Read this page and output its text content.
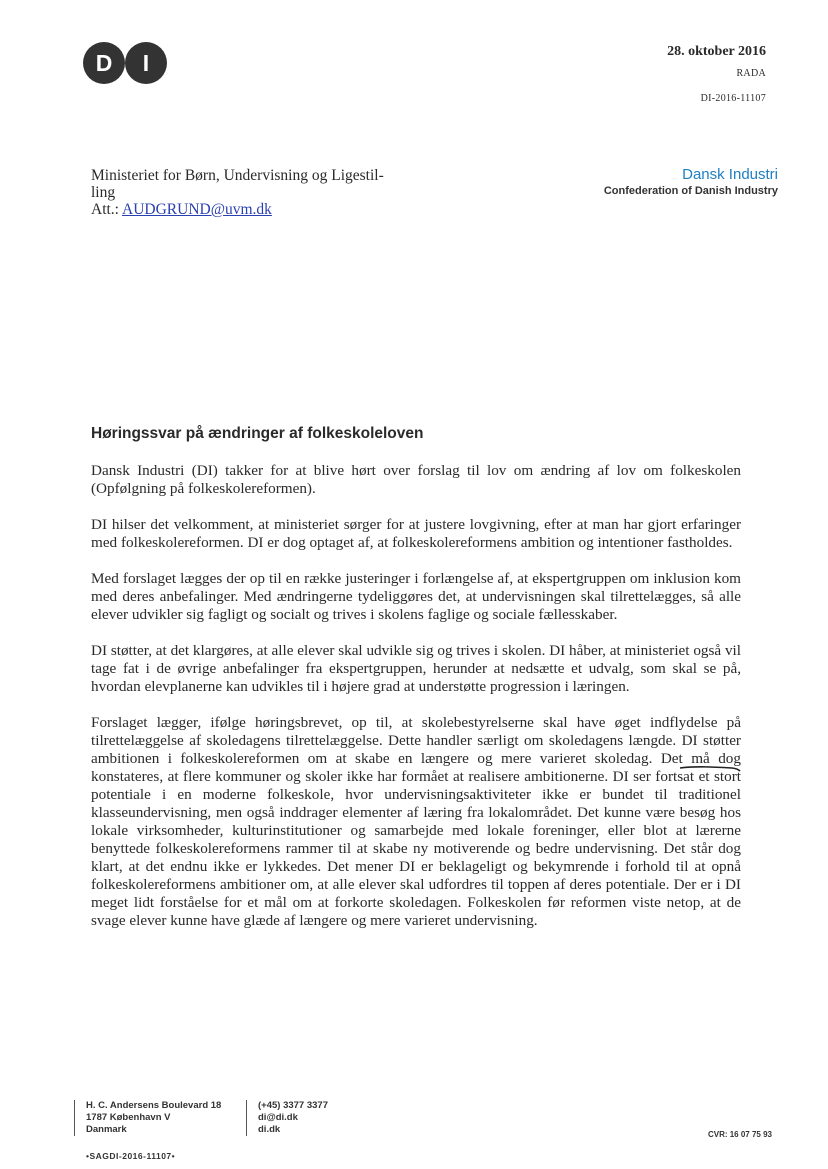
D I	28. oktober 2016
RADA
DI-2016-11107
Ministeriet for Børn, Undervisning og Ligestil-
ling
Att.: AUDGRUND@uvm.dk
Dansk Industri
Confederation of Danish Industry
Høringssvar på ændringer af folkeskoleloven

Dansk Industri (DI) takker for at blive hørt over forslag til lov om ændring af lov om folkeskolen (Opfølgning på folkeskolereformen).

DI hilser det velkomment, at ministeriet sørger for at justere lovgivning, efter at man har gjort erfaringer med folkeskolereformen. DI er dog optaget af, at folkeskolereformens ambition og intentioner fastholdes.

Med forslaget lægges der op til en række justeringer i forlængelse af, at ekspertgruppen om inklusion kom med deres anbefalinger. Med ændringerne tydeliggøres det, at undervisningen skal tilrettelægges, så alle elever udvikler sig fagligt og socialt og trives i skolens faglige og sociale fællesskaber.

DI støtter, at det klargøres, at alle elever skal udvikle sig og trives i skolen. DI håber, at ministeriet også vil tage fat i de øvrige anbefalinger fra ekspertgruppen, herunder at nedsætte et udvalg, som skal se på, hvordan elevplanerne kan udvikles til i højere grad at understøtte progression i læringen.

Forslaget lægger, ifølge høringsbrevet, op til, at skolebestyrelserne skal have øget indflydelse på tilrettelæggelse af skoledagens tilrettelæggelse. Dette handler særligt om skoledagens længde. DI støtter ambitionen i folkeskolereformen om at skabe en længere og mere varieret skoledag. Det må dog konstateres, at flere kommuner og skoler ikke har formået at realisere ambitionerne. DI ser fortsat et stort potentiale i en moderne folkeskole, hvor undervisningsaktiviteter ikke er bundet til traditionel klasseundervisning, men også inddrager elementer af læring fra lokalområdet. Det kunne være besøg hos lokale virksomheder, kulturinstitutioner og samarbejde med lokale foreninger, eller blot at lærerne benyttede folkeskolereformens rammer til at skabe ny motiverende og bedre undervisning. Det står dog klart, at det endnu ikke er lykkedes. Det mener DI er beklageligt og bekymrende i forhold til at opnå folkeskolereformens ambitioner om, at alle elever skal udfordres til toppen af deres potentiale. Der er i DI meget lidt forståelse for et mål om at forkorte skoledagen. Folkeskolen før reformen viste netop, at de svage elever kunne have glæde af længere og mere varieret undervisning.

H. C. Andersens Boulevard 18
1787 København V
Danmark
(+45) 3377 3377
di@di.dk
di.dk	CVR: 16 07 75 93
•SAGDI-2016-11107•
